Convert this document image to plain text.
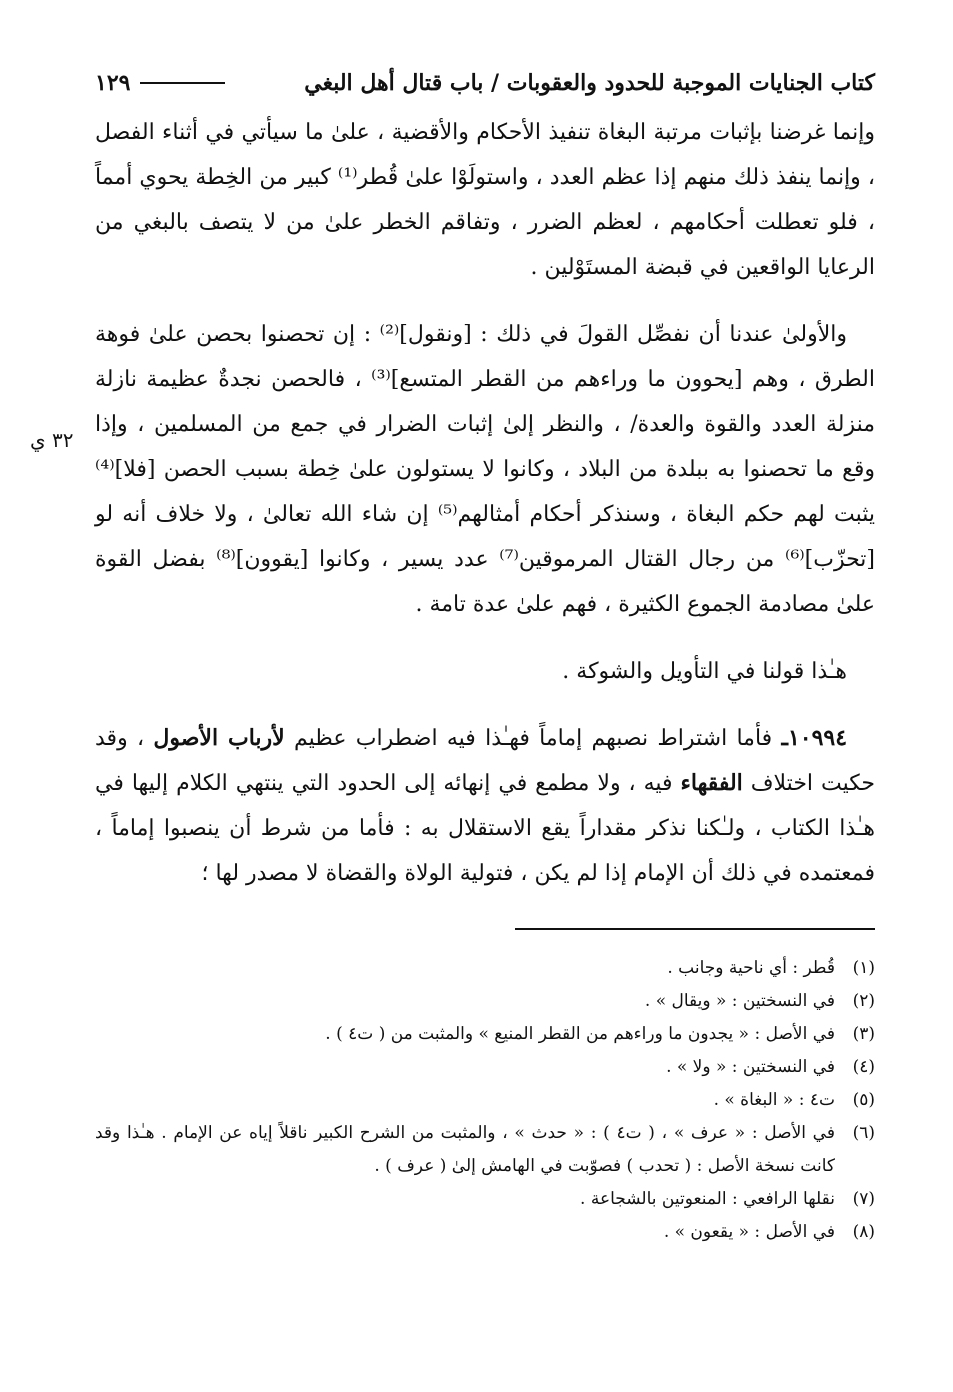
كتاب الجنايات الموجبة للحدود والعقوبات / باب قتال أهل البغي
١٢٩

وإنما غرضنا بإثبات مرتبة البغاة تنفيذ الأحكام والأقضية ، علىٰ ما سيأتي في أثناء الفصل ، وإنما ينفذ ذلك منهم إذا عظم العدد ، واستولَوْا علىٰ قُطر⁽¹⁾ كبير من الخِطة يحوي أمماً ، فلو تعطلت أحكامهم ، لعظم الضرر ، وتفاقم الخطر علىٰ من لا يتصف بالبغي من الرعايا الواقعين في قبضة المستَوْلين .

والأولىٰ عندنا أن نفصِّل القولَ في ذلك : [ونقول]⁽²⁾ : إن تحصنوا بحصن علىٰ فوهة الطرق ، وهم [يحوون ما وراءهم من القطر المتسع]⁽³⁾ ، فالحصن نجدةٌ عظيمة نازلة منزلة العدد والقوة والعدة/ ، والنظر إلىٰ إثبات الضرار في جمع من المسلمين ، وإذا وقع ما تحصنوا به ببلدة من البلاد ، وكانوا لا يستولون علىٰ خِطة بسبب الحصن [فلا]⁽⁴⁾ يثبت لهم حكم البغاة ، وسنذكر أحكام أمثالهم⁽⁵⁾ إن شاء الله تعالىٰ ، ولا خلاف أنه لو [تحزّب]⁽⁶⁾ من رجال القتال المرموقين⁽⁷⁾ عدد يسير ، وكانوا [يقوون]⁽⁸⁾ بفضل القوة علىٰ مصادمة الجموع الكثيرة ، فهم علىٰ عدة تامة .

هـٰذا قولنا في التأويل والشوكة .

١٠٩٩٤ـ فأما اشتراط نصبهم إماماً فهـٰذا فيه اضطراب عظيم لأرباب الأصول ، وقد حكيت اختلاف الفقهاء فيه ، ولا مطمع في إنهائه إلى الحدود التي ينتهي الكلام إليها في هـٰذا الكتاب ، ولـٰكنا نذكر مقداراً يقع الاستقلال به : فأما من شرط أن ينصبوا إماماً ، فمعتمده في ذلك أن الإمام إذا لم يكن ، فتولية الولاة والقضاة لا مصدر لها ؛

٣٢ ي
(١)
قُطر : أي ناحية وجانب .
(٢)
في النسختين : « ويقال » .
(٣)
في الأصل : « يجدون ما وراءهم من القطر المنيع » والمثبت من ( ت٤ ) .
(٤)
في النسختين : « ولا » .
(٥)
ت٤ : « البغاة » .
(٦)
في الأصل : « عرف » ، ( ت٤ ) : « حدث » ، والمثبت من الشرح الكبير ناقلاً إياه عن الإمام . هـٰذا وقد كانت نسخة الأصل : ( تحدب ) فصوّبت في الهامش إلىٰ ( عرف ) .
(٧)
نقلها الرافعي : المنعوتين بالشجاعة .
(٨)
في الأصل : « يقعون » .
